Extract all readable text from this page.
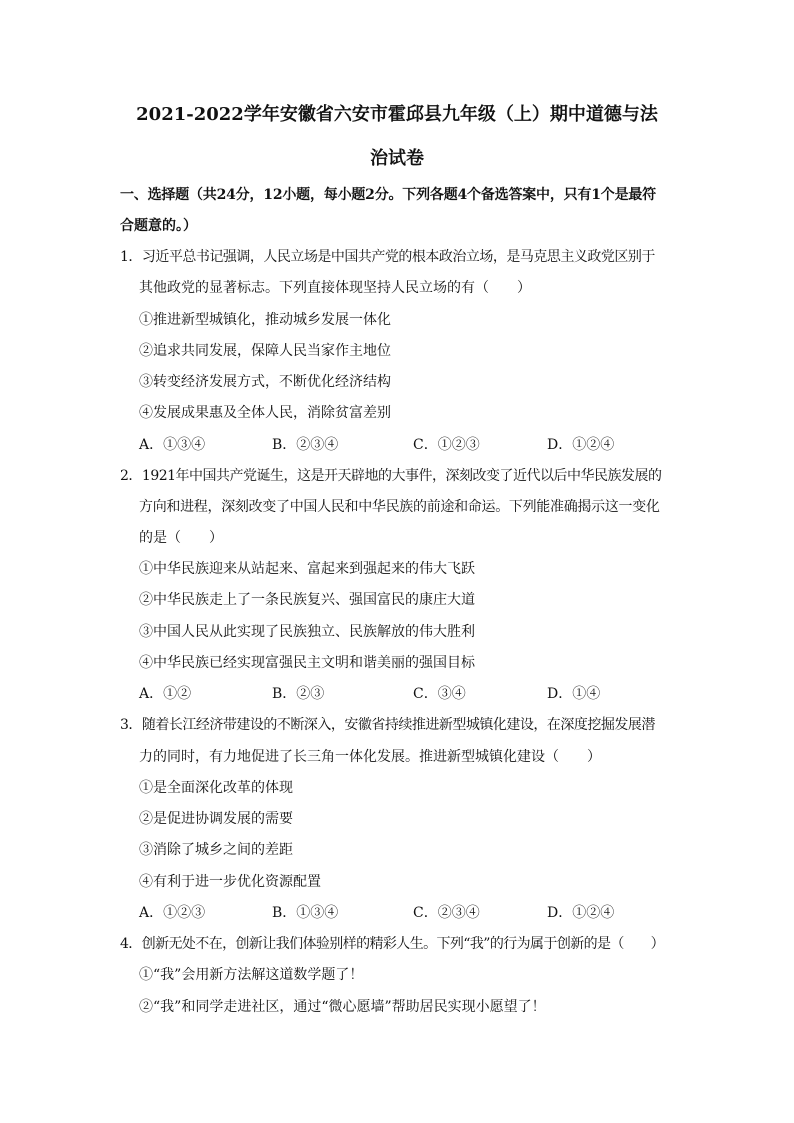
2021-2022学年安徽省六安市霍邱县九年级（上）期中道德与法
治试卷
一、选择题（共24分，12小题，每小题2分。下列各题4个备选答案中，只有1个是最符
合题意的。）
1．习近平总书记强调，人民立场是中国共产党的根本政治立场，是马克思主义政党区别于
其他政党的显著标志。下列直接体现坚持人民立场的有（　　）
①推进新型城镇化，推动城乡发展一体化
②追求共同发展，保障人民当家作主地位
③转变经济发展方式，不断优化经济结构
④发展成果惠及全体人民，消除贫富差别
A．①③④	B．②③④	C．①②③	D．①②④
2．1921年中国共产党诞生，这是开天辟地的大事件，深刻改变了近代以后中华民族发展的
方向和进程，深刻改变了中国人民和中华民族的前途和命运。下列能准确揭示这一变化
的是（　　）
①中华民族迎来从站起来、富起来到强起来的伟大飞跃
②中华民族走上了一条民族复兴、强国富民的康庄大道
③中国人民从此实现了民族独立、民族解放的伟大胜利
④中华民族已经实现富强民主文明和谐美丽的强国目标
A．①②	B．②③	C．③④	D．①④
3．随着长江经济带建设的不断深入，安徽省持续推进新型城镇化建设，在深度挖掘发展潜
力的同时，有力地促进了长三角一体化发展。推进新型城镇化建设（　　）
①是全面深化改革的体现
②是促进协调发展的需要
③消除了城乡之间的差距
④有利于进一步优化资源配置
A．①②③	B．①③④	C．②③④	D．①②④
4．创新无处不在，创新让我们体验别样的精彩人生。下列“我”的行为属于创新的是（　　）
①“我”会用新方法解这道数学题了！
②“我”和同学走进社区，通过“微心愿墙”帮助居民实现小愿望了！
